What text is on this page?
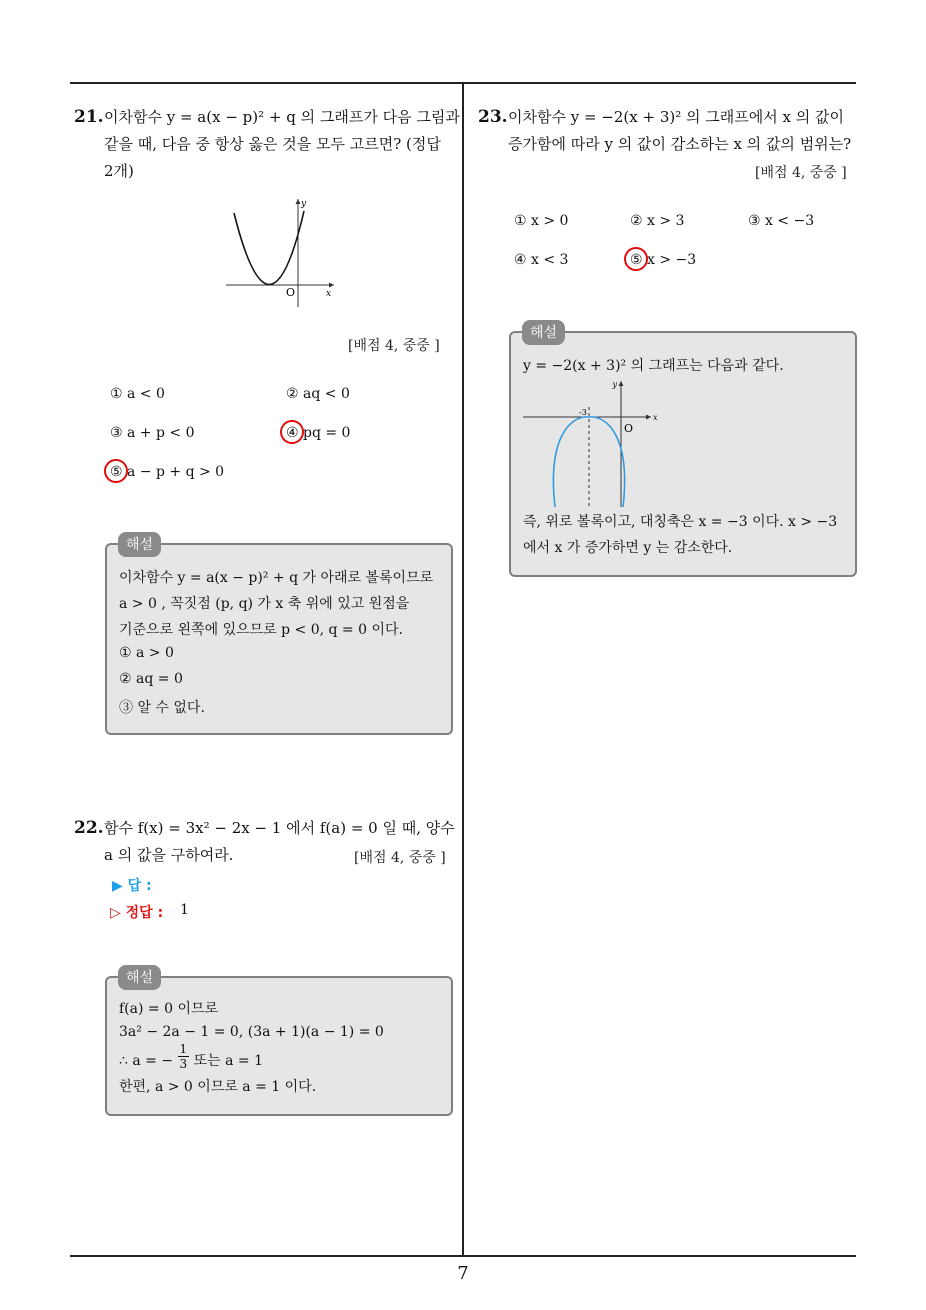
7
21. 이차함수 y = a(x − p)² + q 의 그래프가 다음 그림과
같을 때, 다음 중 항상 옳은 것을 모두 고르면? (정답
2개)
y
x
O
[배점 4, 중중 ]
① a < 0	② aq < 0
③ a + p < 0	④ pq = 0
⑤ a − p + q > 0
이차함수 y = a(x − p)² + q 가 아래로 볼록이므로
a > 0 , 꼭짓점 (p, q) 가 x 축 위에 있고 원점을
기준으로 왼쪽에 있으므로 p < 0, q = 0 이다.
① a > 0
② aq = 0
③ 알 수 없다.
해설
22. 함수 f(x) = 3x² − 2x − 1 에서 f(a) = 0 일 때, 양수
a 의 값을 구하여라.	[배점 4, 중중 ]
▶ 답 :
▷ 정답 : 1
f(a) = 0 이므로
3a² − 2a − 1 = 0, (3a + 1)(a − 1) = 0
∴ a = − $\frac{1}{3}$ 또는 a = 1
한편, a > 0 이므로 a = 1 이다.
해설
23. 이차함수 y = −2(x + 3)² 의 그래프에서 x 의 값이
증가함에 따라 y 의 값이 감소하는 x 의 값의 범위는?
[배점 4, 중중 ]
① x > 0	② x > 3	③ x < −3
④ x < 3	⑤ x > −3
y = −2(x + 3)² 의 그래프는 다음과 같다.
y
x
O
-3
즉, 위로 볼록이고, 대칭축은 x = −3 이다. x > −3
에서 x 가 증가하면 y 는 감소한다.
해설
